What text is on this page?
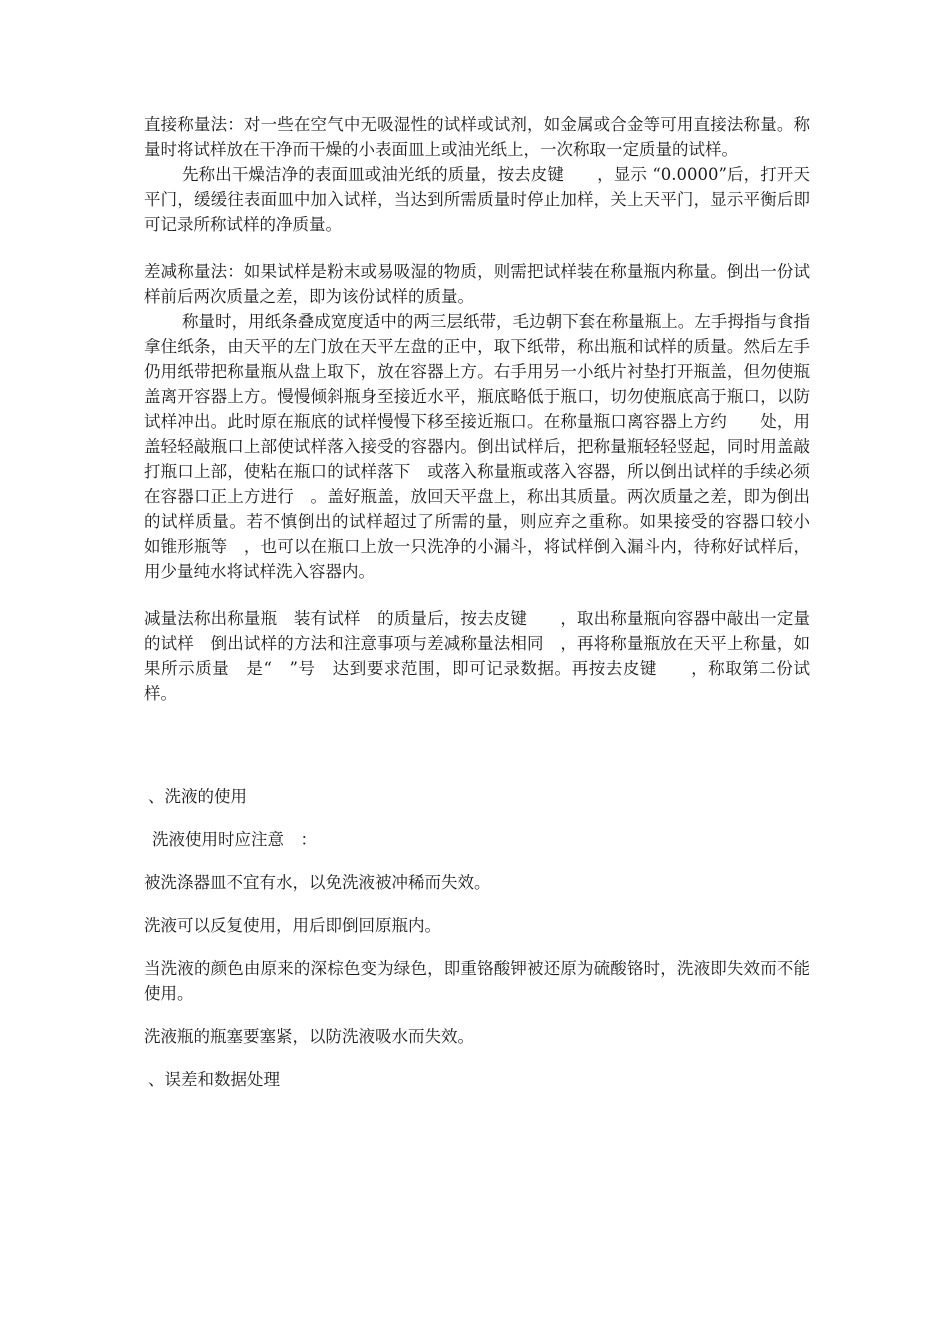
直接称量法：对一些在空气中无吸湿性的试样或试剂，如金属或合金等可用直接法称量。称量时将试样放在干净而干燥的小表面皿上或油光纸上，一次称取一定质量的试样。

先称出干燥洁净的表面皿或油光纸的质量，按去皮键　　，显示 “0.0000”后，打开天平门，缓缓往表面皿中加入试样，当达到所需质量时停止加样，关上天平门，显示平衡后即可记录所称试样的净质量。

差减称量法：如果试样是粉末或易吸湿的物质，则需把试样装在称量瓶内称量。倒出一份试样前后两次质量之差，即为该份试样的质量。

称量时，用纸条叠成宽度适中的两三层纸带，毛边朝下套在称量瓶上。左手拇指与食指拿住纸条，由天平的左门放在天平左盘的正中，取下纸带，称出瓶和试样的质量。然后左手仍用纸带把称量瓶从盘上取下，放在容器上方。右手用另一小纸片衬垫打开瓶盖，但勿使瓶盖离开容器上方。慢慢倾斜瓶身至接近水平，瓶底略低于瓶口，切勿使瓶底高于瓶口，以防试样冲出。此时原在瓶底的试样慢慢下移至接近瓶口。在称量瓶口离容器上方约　　处，用盖轻轻敲瓶口上部使试样落入接受的容器内。倒出试样后，把称量瓶轻轻竖起，同时用盖敲打瓶口上部，使粘在瓶口的试样落下　或落入称量瓶或落入容器，所以倒出试样的手续必须在容器口正上方进行　。盖好瓶盖，放回天平盘上，称出其质量。两次质量之差，即为倒出的试样质量。若不慎倒出的试样超过了所需的量，则应弃之重称。如果接受的容器口较小　如锥形瓶等　，也可以在瓶口上放一只洗净的小漏斗，将试样倒入漏斗内，待称好试样后，用少量纯水将试样洗入容器内。

减量法称出称量瓶　装有试样　的质量后，按去皮键　　，取出称量瓶向容器中敲出一定量的试样　倒出试样的方法和注意事项与差减称量法相同　，再将称量瓶放在天平上称量，如果所示质量　是“　”号　达到要求范围，即可记录数据。再按去皮键　　，称取第二份试样。

、洗液的使用

洗液使用时应注意　：

被洗涤器皿不宜有水，以免洗液被冲稀而失效。

洗液可以反复使用，用后即倒回原瓶内。

当洗液的颜色由原来的深棕色变为绿色，即重铬酸钾被还原为硫酸铬时，洗液即失效而不能使用。

洗液瓶的瓶塞要塞紧，以防洗液吸水而失效。

、误差和数据处理
